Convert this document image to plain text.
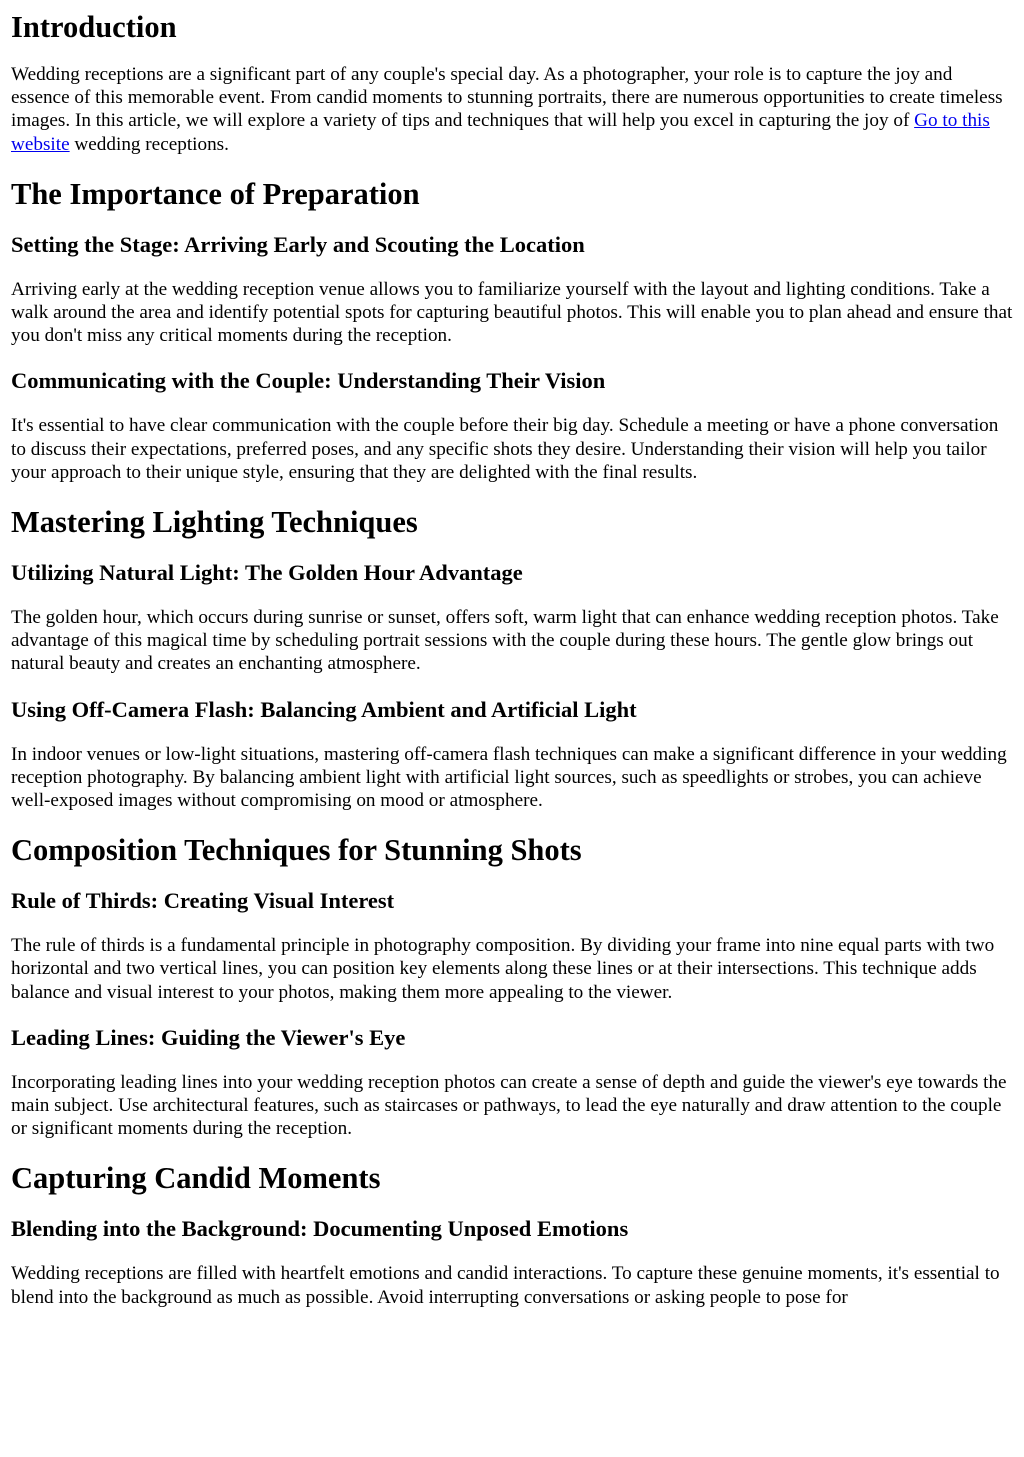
Introduction

Wedding receptions are a significant part of any couple's special day. As a photographer, your role is to capture the joy and essence of this memorable event. From candid moments to stunning portraits, there are numerous opportunities to create timeless images. In this article, we will explore a variety of tips and techniques that will help you excel in capturing the joy of Go to this website wedding receptions.

The Importance of Preparation
Setting the Stage: Arriving Early and Scouting the Location

Arriving early at the wedding reception venue allows you to familiarize yourself with the layout and lighting conditions. Take a walk around the area and identify potential spots for capturing beautiful photos. This will enable you to plan ahead and ensure that you don't miss any critical moments during the reception.

Communicating with the Couple: Understanding Their Vision

It's essential to have clear communication with the couple before their big day. Schedule a meeting or have a phone conversation to discuss their expectations, preferred poses, and any specific shots they desire. Understanding their vision will help you tailor your approach to their unique style, ensuring that they are delighted with the final results.

Mastering Lighting Techniques
Utilizing Natural Light: The Golden Hour Advantage

The golden hour, which occurs during sunrise or sunset, offers soft, warm light that can enhance wedding reception photos. Take advantage of this magical time by scheduling portrait sessions with the couple during these hours. The gentle glow brings out natural beauty and creates an enchanting atmosphere.

Using Off-Camera Flash: Balancing Ambient and Artificial Light

In indoor venues or low-light situations, mastering off-camera flash techniques can make a significant difference in your wedding reception photography. By balancing ambient light with artificial light sources, such as speedlights or strobes, you can achieve well-exposed images without compromising on mood or atmosphere.

Composition Techniques for Stunning Shots
Rule of Thirds: Creating Visual Interest

The rule of thirds is a fundamental principle in photography composition. By dividing your frame into nine equal parts with two horizontal and two vertical lines, you can position key elements along these lines or at their intersections. This technique adds balance and visual interest to your photos, making them more appealing to the viewer.

Leading Lines: Guiding the Viewer's Eye

Incorporating leading lines into your wedding reception photos can create a sense of depth and guide the viewer's eye towards the main subject. Use architectural features, such as staircases or pathways, to lead the eye naturally and draw attention to the couple or significant moments during the reception.

Capturing Candid Moments
Blending into the Background: Documenting Unposed Emotions

Wedding receptions are filled with heartfelt emotions and candid interactions. To capture these genuine moments, it's essential to blend into the background as much as possible. Avoid interrupting conversations or asking people to pose for
